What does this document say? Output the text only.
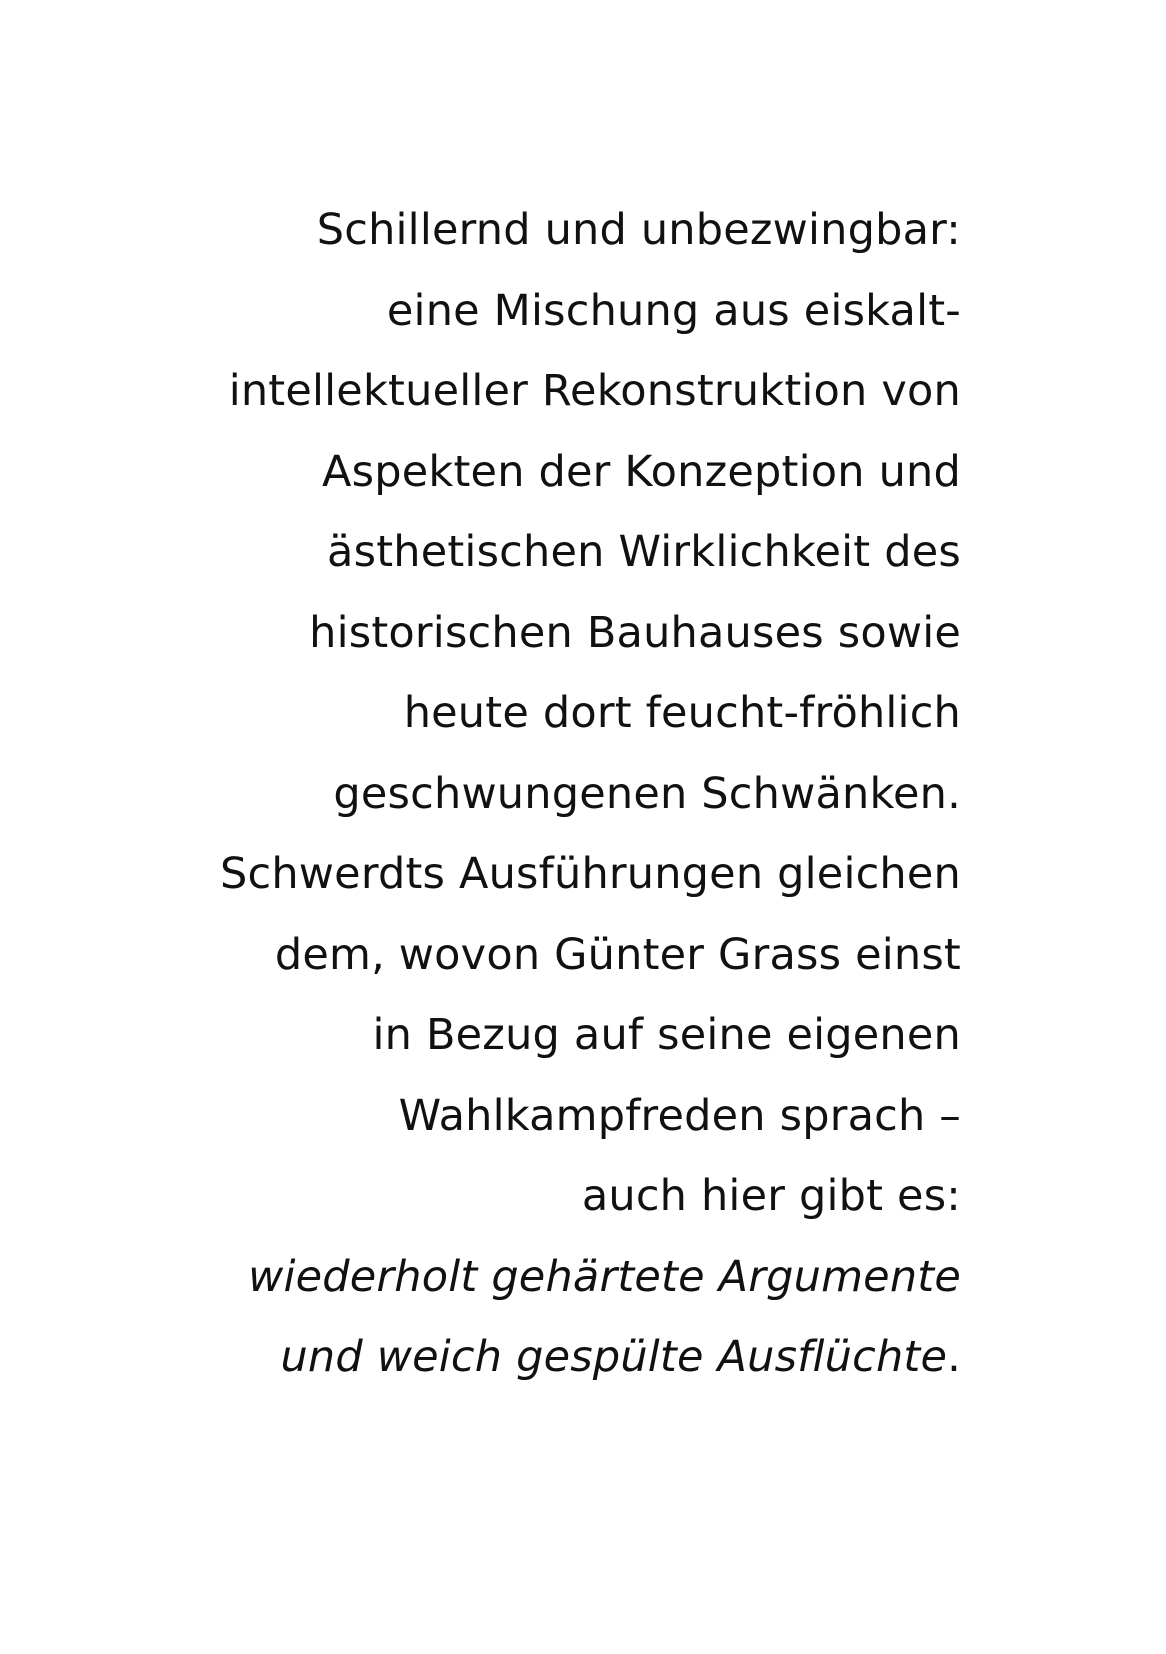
Schillernd und unbezwingbar:
eine Mischung aus eiskalt-
intellektueller Rekonstruktion von
Aspekten der Konzeption und
ästhetischen Wirklichkeit des
historischen Bauhauses sowie
heute dort feucht-fröhlich
geschwungenen Schwänken.
Schwerdts Ausführungen gleichen
dem, wovon Günter Grass einst
in Bezug auf seine eigenen
Wahlkampfreden sprach –
auch hier gibt es:
wiederholt gehärtete Argumente
und weich gespülte Ausflüchte.
